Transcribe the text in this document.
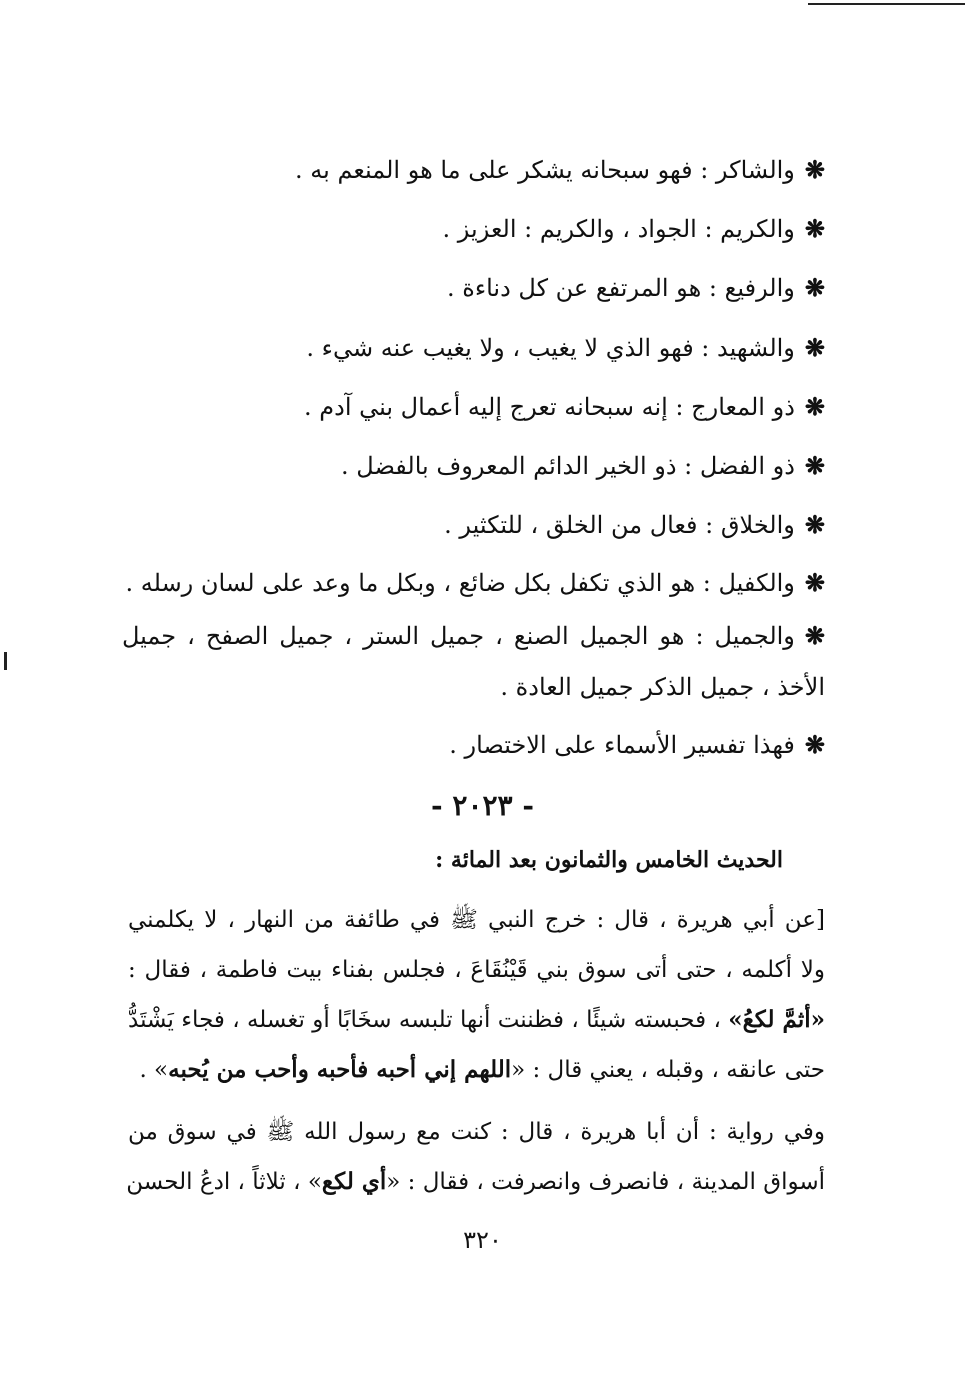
❋والشاكر : فهو سبحانه يشكر على ما هو المنعم به .
❋والكريم : الجواد ، والكريم : العزيز .
❋والرفيع : هو المرتفع عن كل دناءة .
❋والشهيد : فهو الذي لا يغيب ، ولا يغيب عنه شيء .
❋ذو المعارج : إنه سبحانه تعرج إليه أعمال بني آدم .
❋ذو الفضل : ذو الخير الدائم المعروف بالفضل .
❋والخلاق : فعال من الخلق ، للتكثير .
❋والكفيل : هو الذي تكفل بكل ضائع ، وبكل ما وعد على لسان رسله .
❋والجميل : هو الجميل الصنع ، جميل الستر ، جميل الصفح ، جميل
الأخذ ، جميل الذكر جميل العادة .
❋فهذا تفسير الأسماء على الاختصار .
- ٢٠٢٣ -
الحديث الخامس والثمانون بعد المائة :
[عن أبي هريرة ، قال : خرج النبي ﷺ في طائفة من النهار ، لا يكلمني
ولا أكلمه ، حتى أتى سوق بني قَيْنُقَاعَ ، فجلس بفناء بيت فاطمة ، فقال :
«أثمَّ لكعُ» ، فحبسته شيئًا ، فظننت أنها تلبسه سخَابًا أو تغسله ، فجاء يَشْتَدُّ
حتى عانقه ، وقبله ، يعني قال : «اللهم إني أحبه فأحبه وأحب من يُحبه» .
وفي رواية : أن أبا هريرة ، قال : كنت مع رسول الله ﷺ في سوق من
أسواق المدينة ، فانصرف وانصرفت ، فقال : «أي لكع» ، ثلاثاً ، ادعُ الحسن
٣٢٠
